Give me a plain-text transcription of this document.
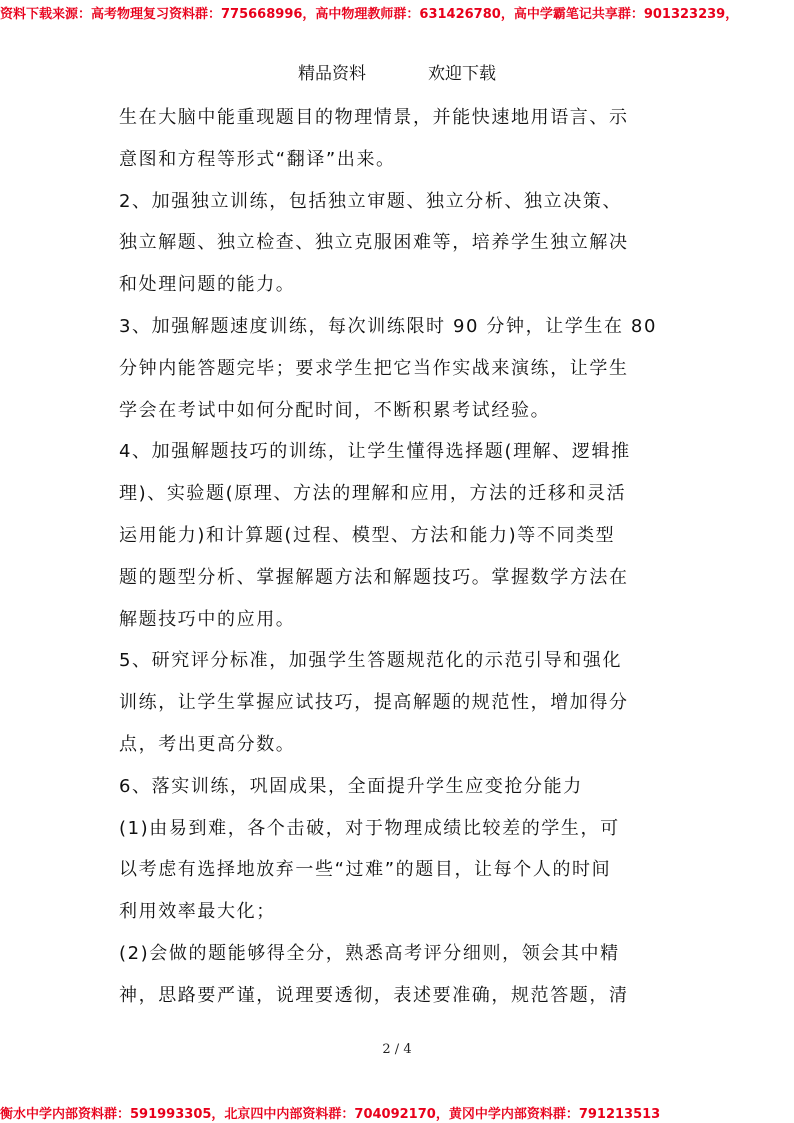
资料下载来源：高考物理复习资料群：775668996，高中物理教师群：631426780，高中学霸笔记共享群：901323239，
精品资料	欢迎下载

生在大脑中能重现题目的物理情景，并能快速地用语言、示
意图和方程等形式“翻译”出来。

2、加强独立训练，包括独立审题、独立分析、独立决策、
独立解题、独立检查、独立克服困难等，培养学生独立解决
和处理问题的能力。

3、加强解题速度训练，每次训练限时 90 分钟，让学生在 80
分钟内能答题完毕；要求学生把它当作实战来演练，让学生
学会在考试中如何分配时间，不断积累考试经验。

4、加强解题技巧的训练，让学生懂得选择题(理解、逻辑推
理)、实验题(原理、方法的理解和应用，方法的迁移和灵活
运用能力)和计算题(过程、模型、方法和能力)等不同类型
题的题型分析、掌握解题方法和解题技巧。掌握数学方法在
解题技巧中的应用。

5、研究评分标准，加强学生答题规范化的示范引导和强化
训练，让学生掌握应试技巧，提高解题的规范性，增加得分
点，考出更高分数。

6、落实训练，巩固成果，全面提升学生应变抢分能力

(1)由易到难，各个击破，对于物理成绩比较差的学生，可
以考虑有选择地放弃一些“过难”的题目，让每个人的时间
利用效率最大化；

(2)会做的题能够得全分，熟悉高考评分细则，领会其中精
神，思路要严谨，说理要透彻，表述要准确，规范答题，清

2 / 4
衡水中学内部资料群：591993305，北京四中内部资料群：704092170，黄冈中学内部资料群：791213513
